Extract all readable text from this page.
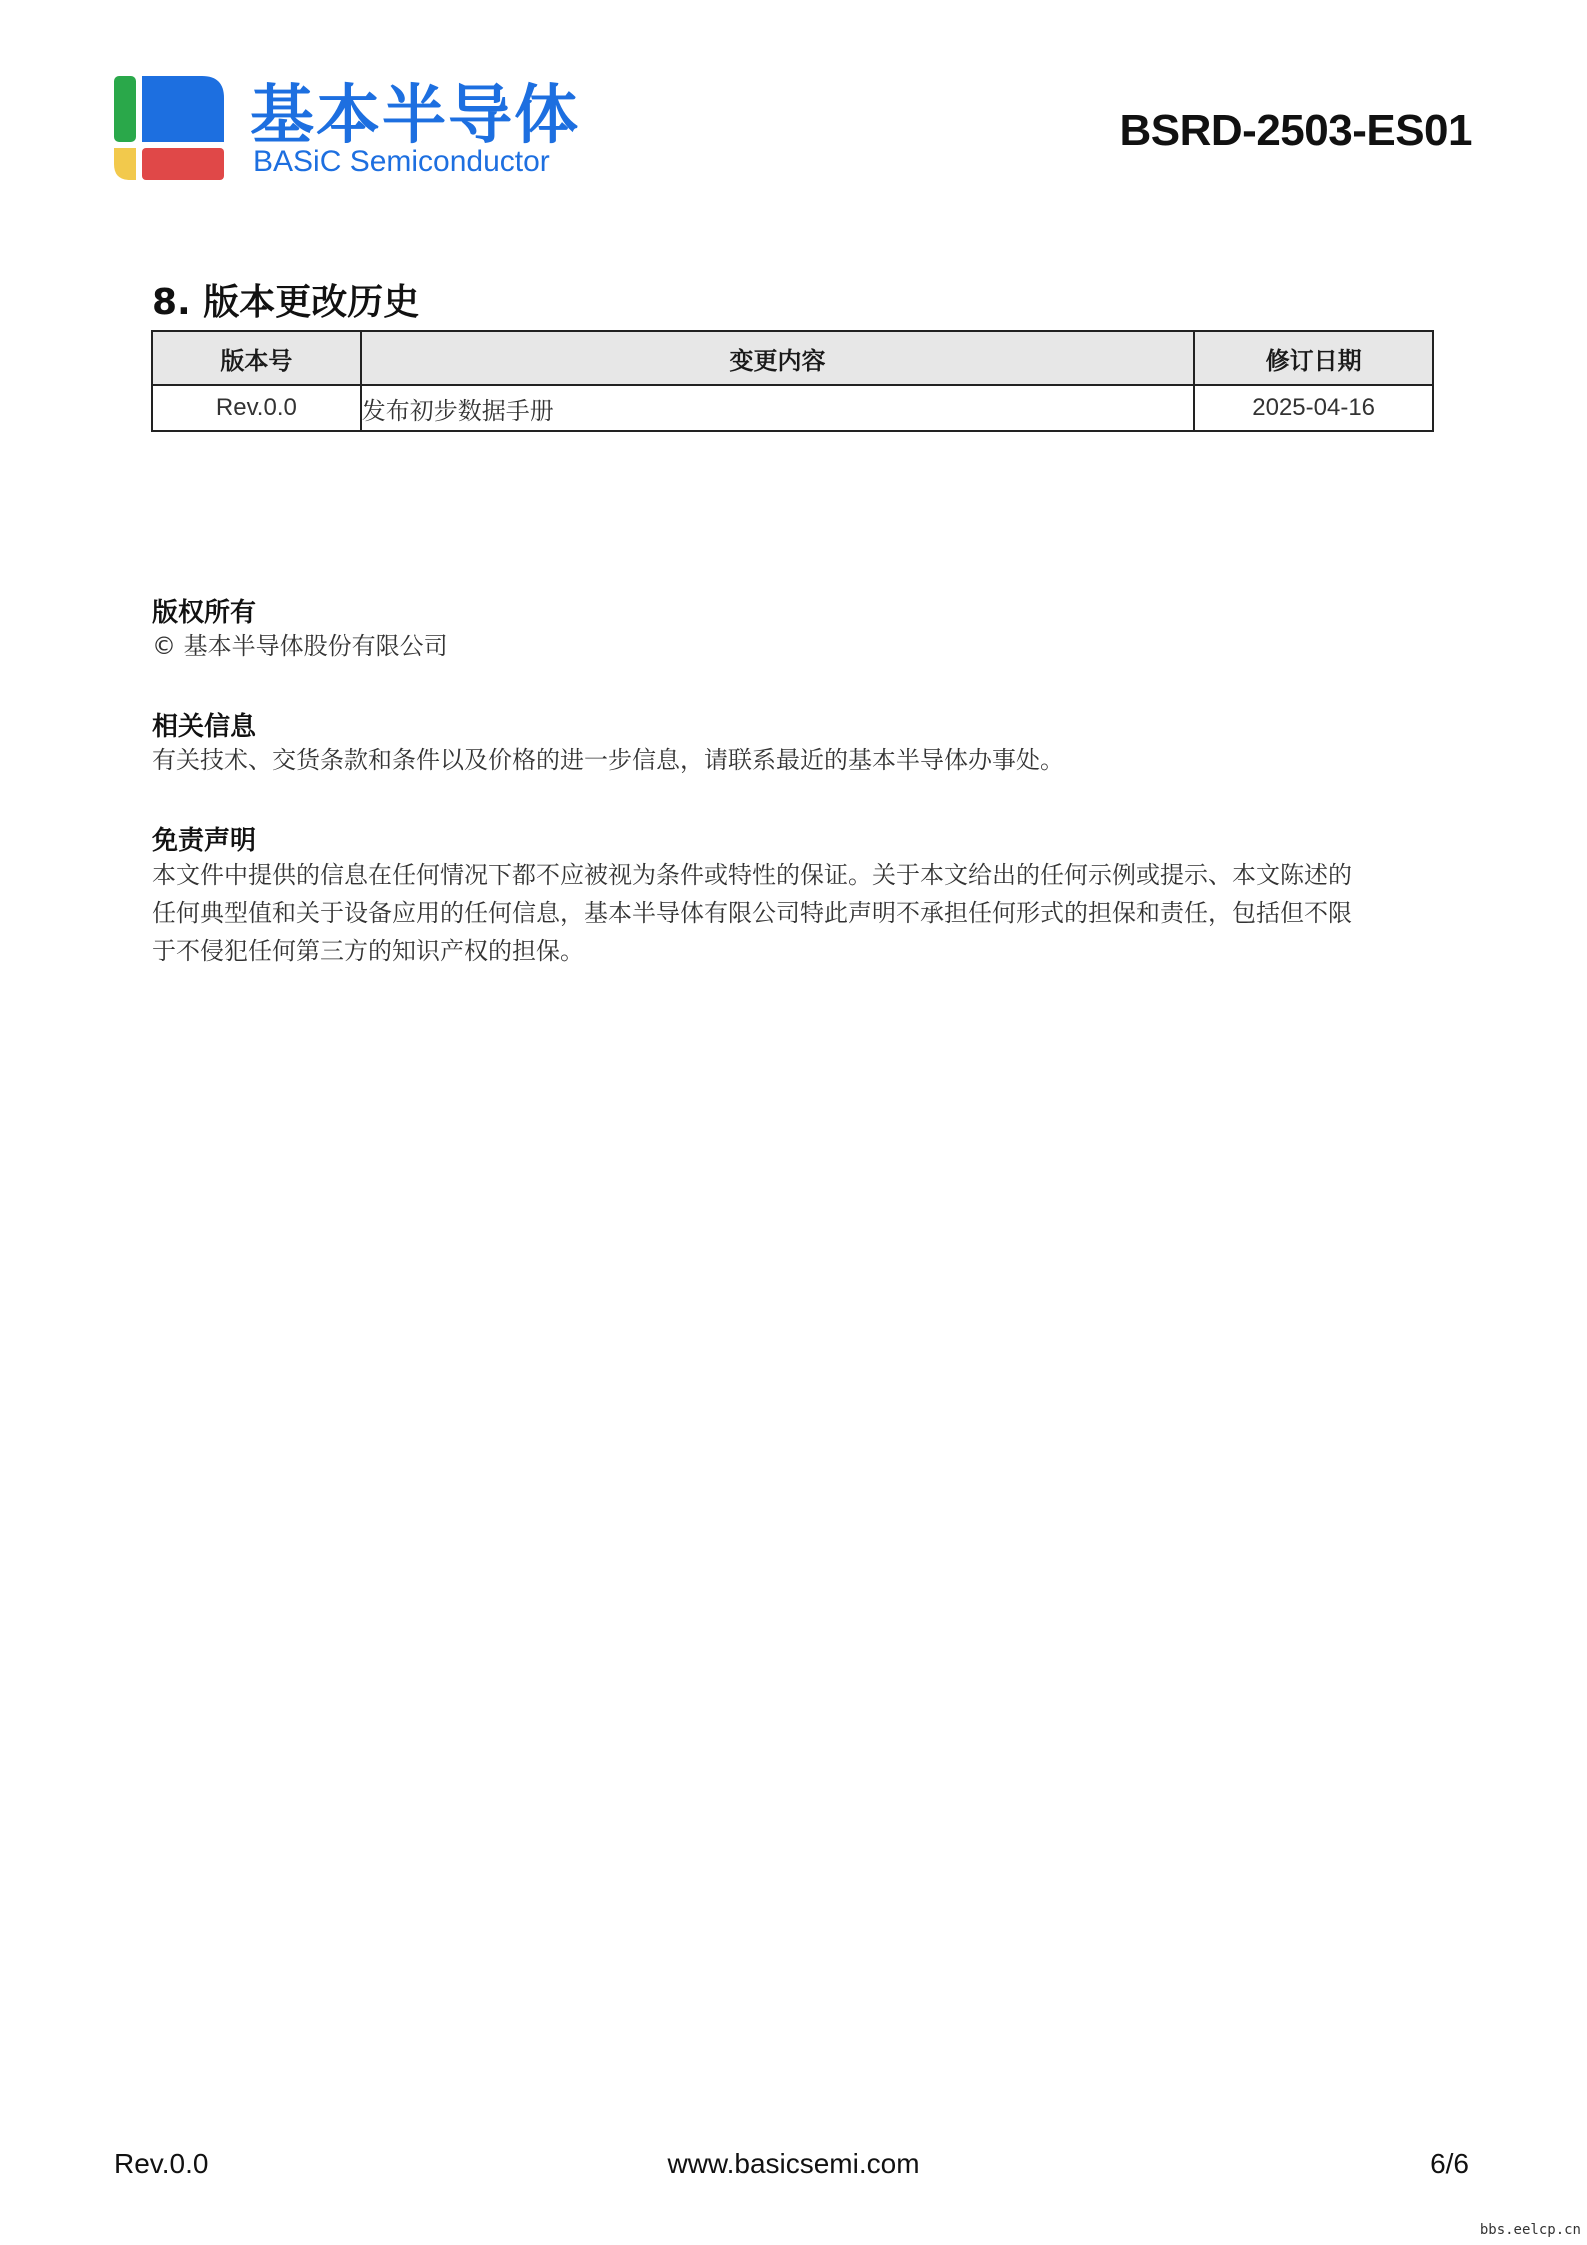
基本半导体
BASiC Semiconductor
BSRD-2503-ES01
8. 版本更改历史
版本号	变更内容	修订日期
Rev.0.0	发布初步数据手册	2025-04-16
版权所有
© 基本半导体股份有限公司
相关信息
有关技术、交货条款和条件以及价格的进一步信息，请联系最近的基本半导体办事处。
免责声明
本文件中提供的信息在任何情况下都不应被视为条件或特性的保证。关于本文给出的任何示例或提示、本文陈述的
任何典型值和关于设备应用的任何信息，基本半导体有限公司特此声明不承担任何形式的担保和责任，包括但不限
于不侵犯任何第三方的知识产权的担保。
Rev.0.0	www.basicsemi.com	6/6
bbs.eelcp.cn
